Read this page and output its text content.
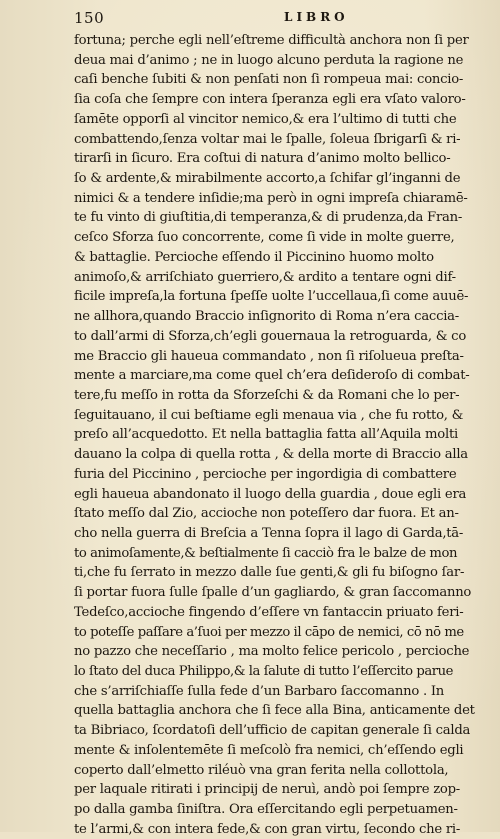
150	LIBRO
fortuna; perche egli nell’eſtreme difficultà anchora non ſi per
deua mai d’animo ; ne in luogo alcuno perduta la ragione ne
caſi benche ſubiti & non penſati non ſi rompeua mai: concio-
ſia coſa che ſempre con intera ſperanza egli era vſato valoro-
ſamēte opporſi al vincitor nemico,& era l’ultimo di tutti che
combattendo,ſenza voltar mai le ſpalle, ſoleua ſbrigarſi & ri-
tirarſi in ſicuro. Era coſtui di natura d’animo molto bellico-
ſo & ardente,& mirabilmente accorto,a ſchifar gl’inganni de
nimici & a tendere inſidie;ma però in ogni impreſa chiaramē-
te fu vinto di giuſtitia,di temperanza,& di prudenza,da Fran-
ceſco Sforza ſuo concorrente, come ſi vide in molte guerre,
& battaglie. Percioche eſſendo il Piccinino huomo molto
animoſo,& arriſchiato guerriero,& ardito a tentare ogni dif-
ficile impreſa,la fortuna ſpeſſe uolte l’uccellaua,ſi come auuē-
ne allhora,quando Braccio inſignorito di Roma n’era caccia-
to dall’armi di Sforza,ch’egli gouernaua la retroguarda, & co
me Braccio gli haueua commandato , non ſi riſolueua preſta-
mente a marciare,ma come quel ch’era deſideroſo di combat-
tere,fu meſſo in rotta da Sforzeſchi & da Romani che lo per-
ſeguitauano, il cui beſtiame egli menaua via , che fu rotto, &
preſo all’acquedotto. Et nella battaglia fatta all’Aquila molti
dauano la colpa di quella rotta , & della morte di Braccio alla
furia del Piccinino , percioche per ingordigia di combattere
egli haueua abandonato il luogo della guardia , doue egli era
ſtato meſſo dal Zio, accioche non poteſſero dar fuora. Et an-
cho nella guerra di Breſcia a Tenna ſopra il lago di Garda,tā-
to animoſamente,& beſtialmente ſi cacciò fra le balze de mon
ti,che fu ſerrato in mezzo dalle ſue genti,& gli fu biſogno ſar-
ſi portar fuora ſulle ſpalle d’un gagliardo, & gran ſaccomanno
Tedeſco,accioche fingendo d’eſſere vn fantaccin priuato feri-
to poteſſe paſſare a’ſuoi per mezzo il cāpo de nemici, cō nō me
no pazzo che neceſſario , ma molto felice pericolo , percioche
lo ſtato del duca Philippo,& la ſalute di tutto l’eſſercito parue
che s’arriſchiaſſe ſulla fede d’un Barbaro ſaccomanno . In
quella battaglia anchora che ſi fece alla Bina, anticamente det
ta Bibriaco, ſcordatoſi dell’ufficio de capitan generale ſi calda
mente & inſolentemēte ſi meſcolò fra nemici, ch’eſſendo egli
coperto dall’elmetto riléuò vna gran ferita nella collottola,
per laquale ritirati i principij de neruì, andò poi ſempre zop-
po dalla gamba ſiniſtra. Ora eſſercitando egli perpetuamen-
te l’armi,& con intera fede,& con gran virtu, ſecondo che ri-
